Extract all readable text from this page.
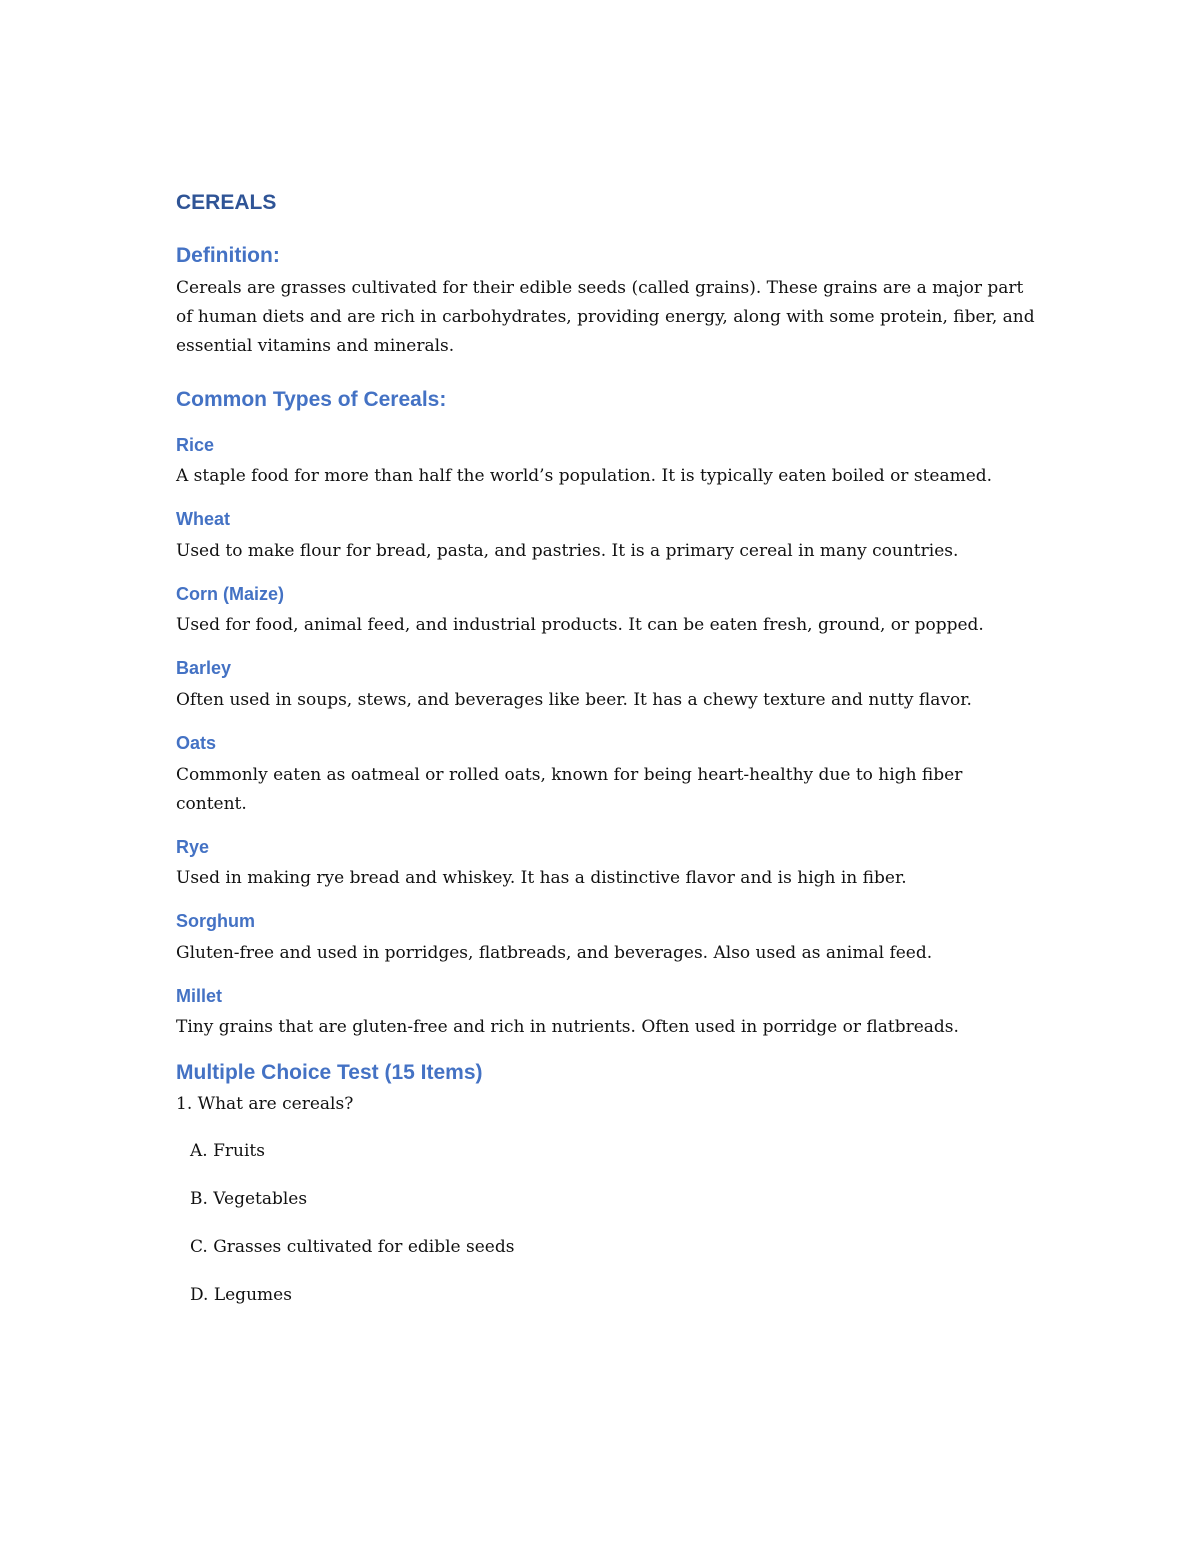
CEREALS
Definition:

Cereals are grasses cultivated for their edible seeds (called grains). These grains are a major part of human diets and are rich in carbohydrates, providing energy, along with some protein, fiber, and essential vitamins and minerals.

Common Types of Cereals:
Rice

A staple food for more than half the world’s population. It is typically eaten boiled or steamed.

Wheat

Used to make flour for bread, pasta, and pastries. It is a primary cereal in many countries.

Corn (Maize)

Used for food, animal feed, and industrial products. It can be eaten fresh, ground, or popped.

Barley

Often used in soups, stews, and beverages like beer. It has a chewy texture and nutty flavor.

Oats

Commonly eaten as oatmeal or rolled oats, known for being heart-healthy due to high fiber content.

Rye

Used in making rye bread and whiskey. It has a distinctive flavor and is high in fiber.

Sorghum

Gluten-free and used in porridges, flatbreads, and beverages. Also used as animal feed.

Millet

Tiny grains that are gluten-free and rich in nutrients. Often used in porridge or flatbreads.

Multiple Choice Test (15 Items)

1. What are cereals?

A. Fruits

B. Vegetables

C. Grasses cultivated for edible seeds

D. Legumes
